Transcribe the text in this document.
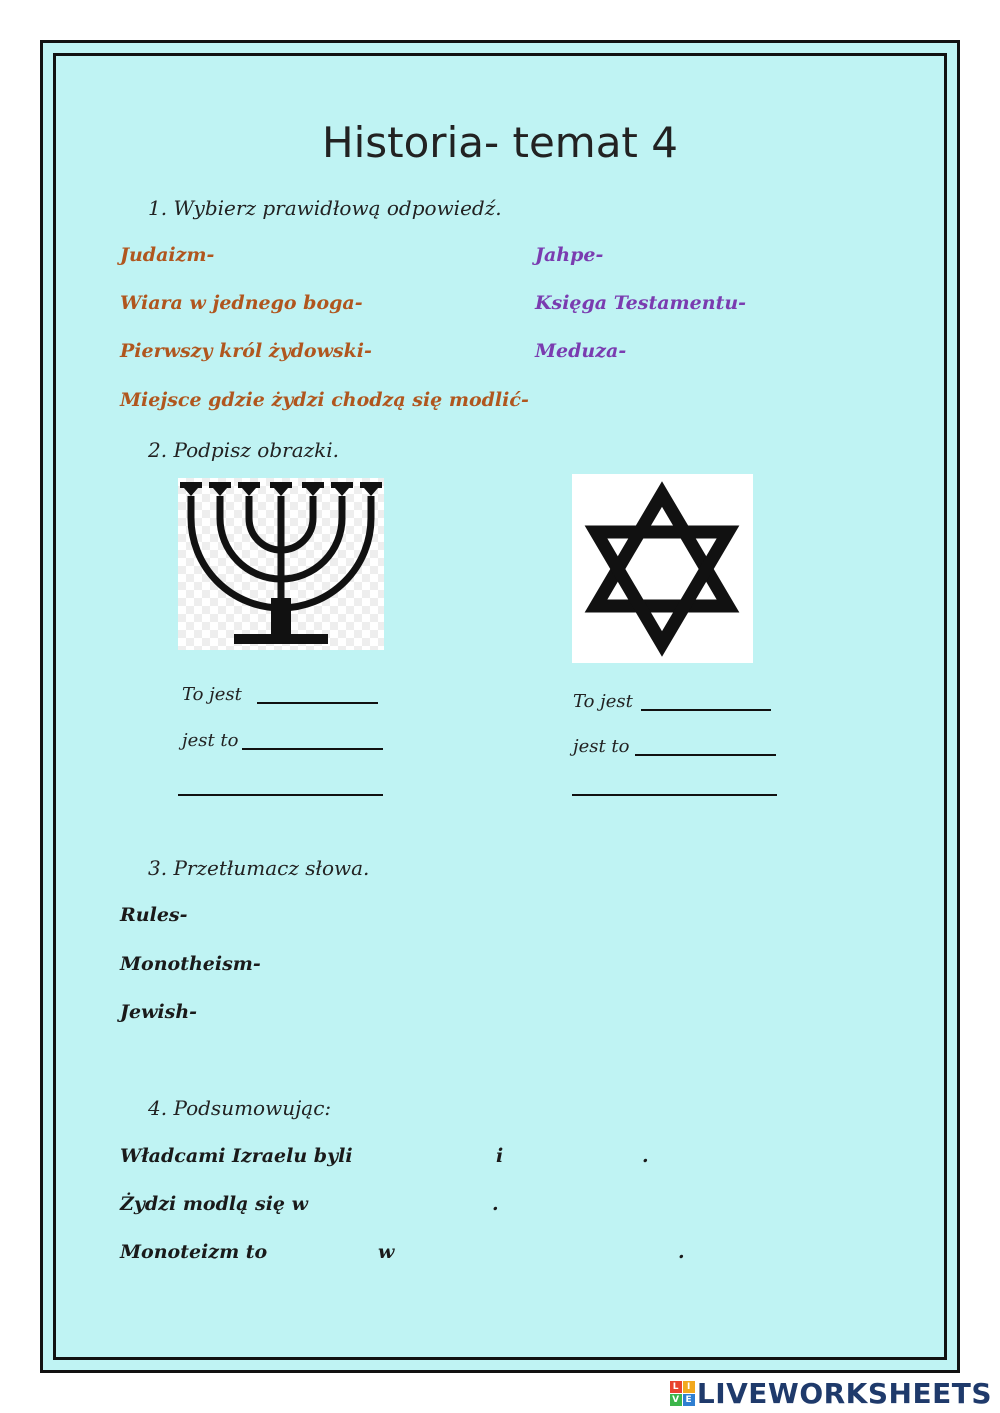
Historia- temat 4
1. Wybierz prawidłową odpowiedź.
Judaizm-
Wiara w jednego boga-
Pierwszy król żydowski-
Miejsce gdzie żydzi chodzą się modlić-
Jahpe-
Księga Testamentu-
Meduza-
2. Podpisz obrazki.
To jest
jest to
To jest
jest to
3. Przetłumacz słowa.
Rules-
Monotheism-
Jewish-
4. Podsumowując:
Władcami Izraelu byli	i	.
Żydzi modlą się w	.
Monoteizm to	w	.
L I
V E LIVEWORKSHEETS
